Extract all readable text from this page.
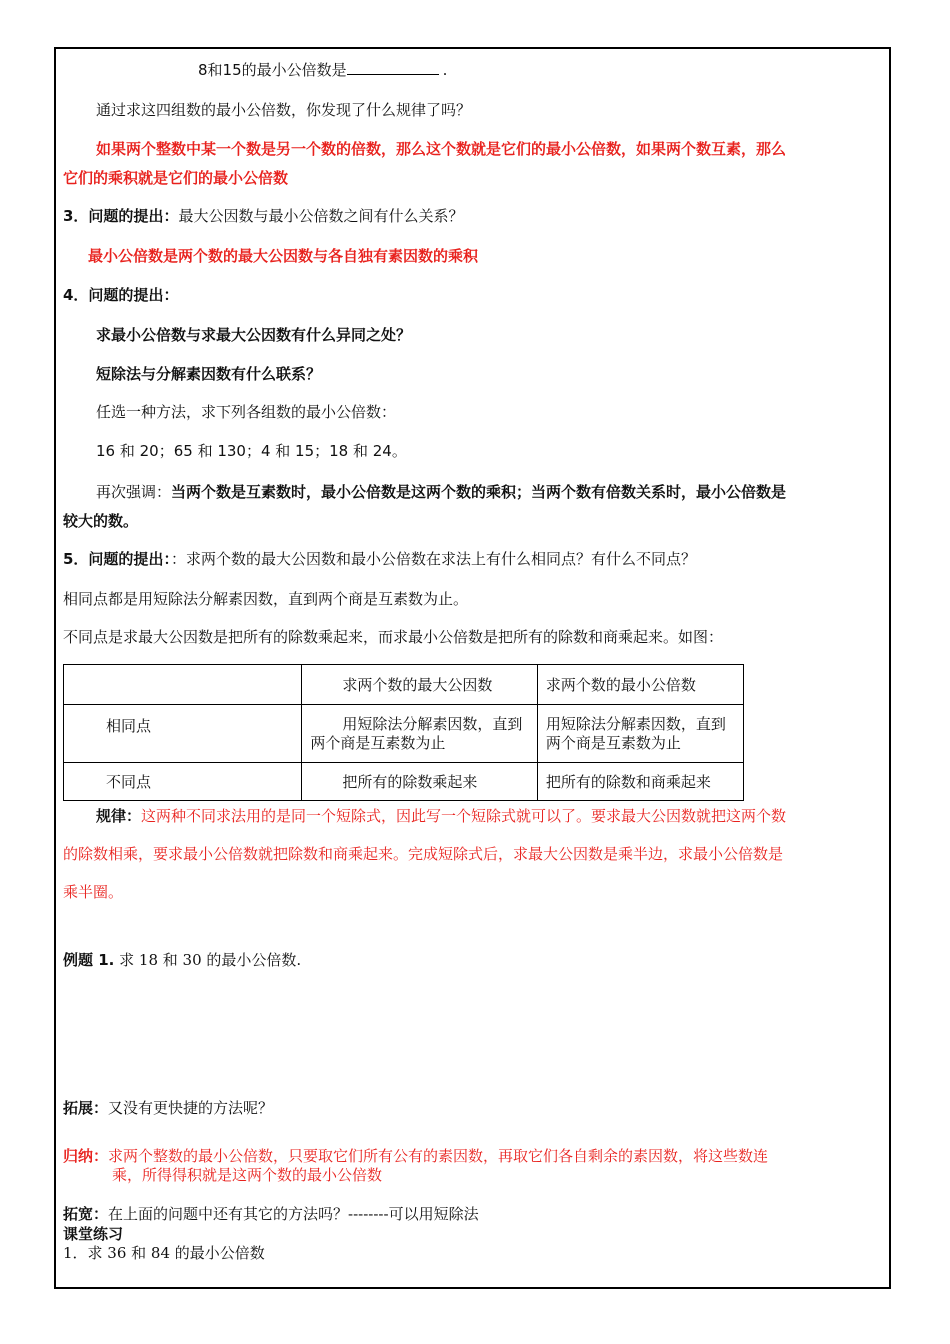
8和15的最小公倍数是	.
通过求这四组数的最小公倍数，你发现了什么规律了吗？
如果两个整数中某一个数是另一个数的倍数，那么这个数就是它们的最小公倍数，如果两个数互素，那么
它们的乘积就是它们的最小公倍数
3．问题的提出：最大公因数与最小公倍数之间有什么关系？
最小公倍数是两个数的最大公因数与各自独有素因数的乘积
4．问题的提出：
求最小公倍数与求最大公因数有什么异同之处？
短除法与分解素因数有什么联系？
任选一种方法，求下列各组数的最小公倍数：
16 和 20；65 和 130；4 和 15；18 和 24。
再次强调：当两个数是互素数时，最小公倍数是这两个数的乘积；当两个数有倍数关系时，最小公倍数是
较大的数。
5．问题的提出：：求两个数的最大公因数和最小公倍数在求法上有什么相同点？有什么不同点？
相同点都是用短除法分解素因数，直到两个商是互素数为止。
不同点是求最大公因数是把所有的除数乘起来，而求最小公倍数是把所有的除数和商乘起来。如图：
	求两个数的最大公因数	求两个数的最小公倍数
相同点	用短除法分解素因数，直到两个商是互素数为止	用短除法分解素因数，直到两个商是互素数为止
不同点	把所有的除数乘起来	把所有的除数和商乘起来
规律：这两种不同求法用的是同一个短除式，因此写一个短除式就可以了。要求最大公因数就把这两个数
的除数相乘，要求最小公倍数就把除数和商乘起来。完成短除式后，求最大公因数是乘半边，求最小公倍数是
乘半圈。
例题 1. 求 18 和 30 的最小公倍数.
拓展：又没有更快捷的方法呢？
归纳：求两个整数的最小公倍数，只要取它们所有公有的素因数，再取它们各自剩余的素因数，将这些数连
乘，所得得积就是这两个数的最小公倍数
拓宽：在上面的问题中还有其它的方法吗？--------可以用短除法
课堂练习
1．求 36 和 84 的最小公倍数
